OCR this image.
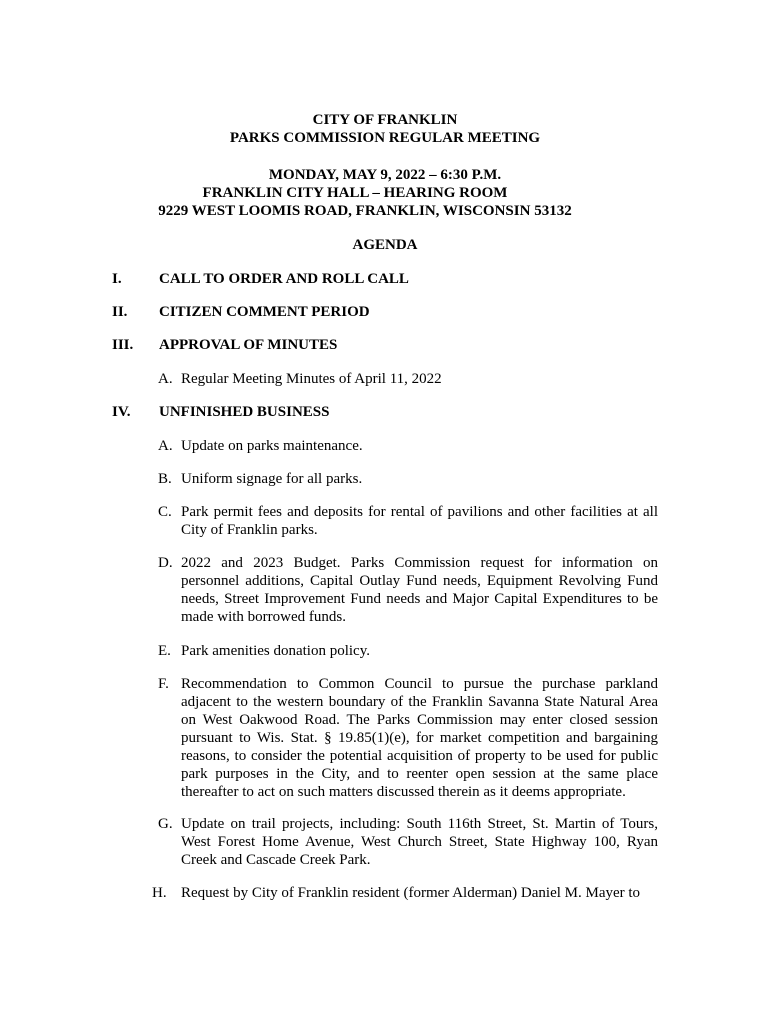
CITY OF FRANKLIN
PARKS COMMISSION REGULAR MEETING
MONDAY, MAY 9, 2022 – 6:30 P.M.
FRANKLIN CITY HALL – HEARING ROOM
9229 WEST LOOMIS ROAD, FRANKLIN, WISCONSIN 53132
AGENDA
I. CALL TO ORDER AND ROLL CALL
II. CITIZEN COMMENT PERIOD
III. APPROVAL OF MINUTES
A. Regular Meeting Minutes of April 11, 2022
IV. UNFINISHED BUSINESS
A. Update on parks maintenance.
B. Uniform signage for all parks.
C. Park permit fees and deposits for rental of pavilions and other facilities at all City of Franklin parks.
D. 2022 and 2023 Budget. Parks Commission request for information on personnel additions, Capital Outlay Fund needs, Equipment Revolving Fund needs, Street Improvement Fund needs and Major Capital Expenditures to be made with borrowed funds.
E. Park amenities donation policy.
F. Recommendation to Common Council to pursue the purchase parkland adjacent to the western boundary of the Franklin Savanna State Natural Area on West Oakwood Road. The Parks Commission may enter closed session pursuant to Wis. Stat. § 19.85(1)(e), for market competition and bargaining reasons, to consider the potential acquisition of property to be used for public park purposes in the City, and to reenter open session at the same place thereafter to act on such matters discussed therein as it deems appropriate.
G. Update on trail projects, including: South 116th Street, St. Martin of Tours, West Forest Home Avenue, West Church Street, State Highway 100, Ryan Creek and Cascade Creek Park.
H. Request by City of Franklin resident (former Alderman) Daniel M. Mayer to
